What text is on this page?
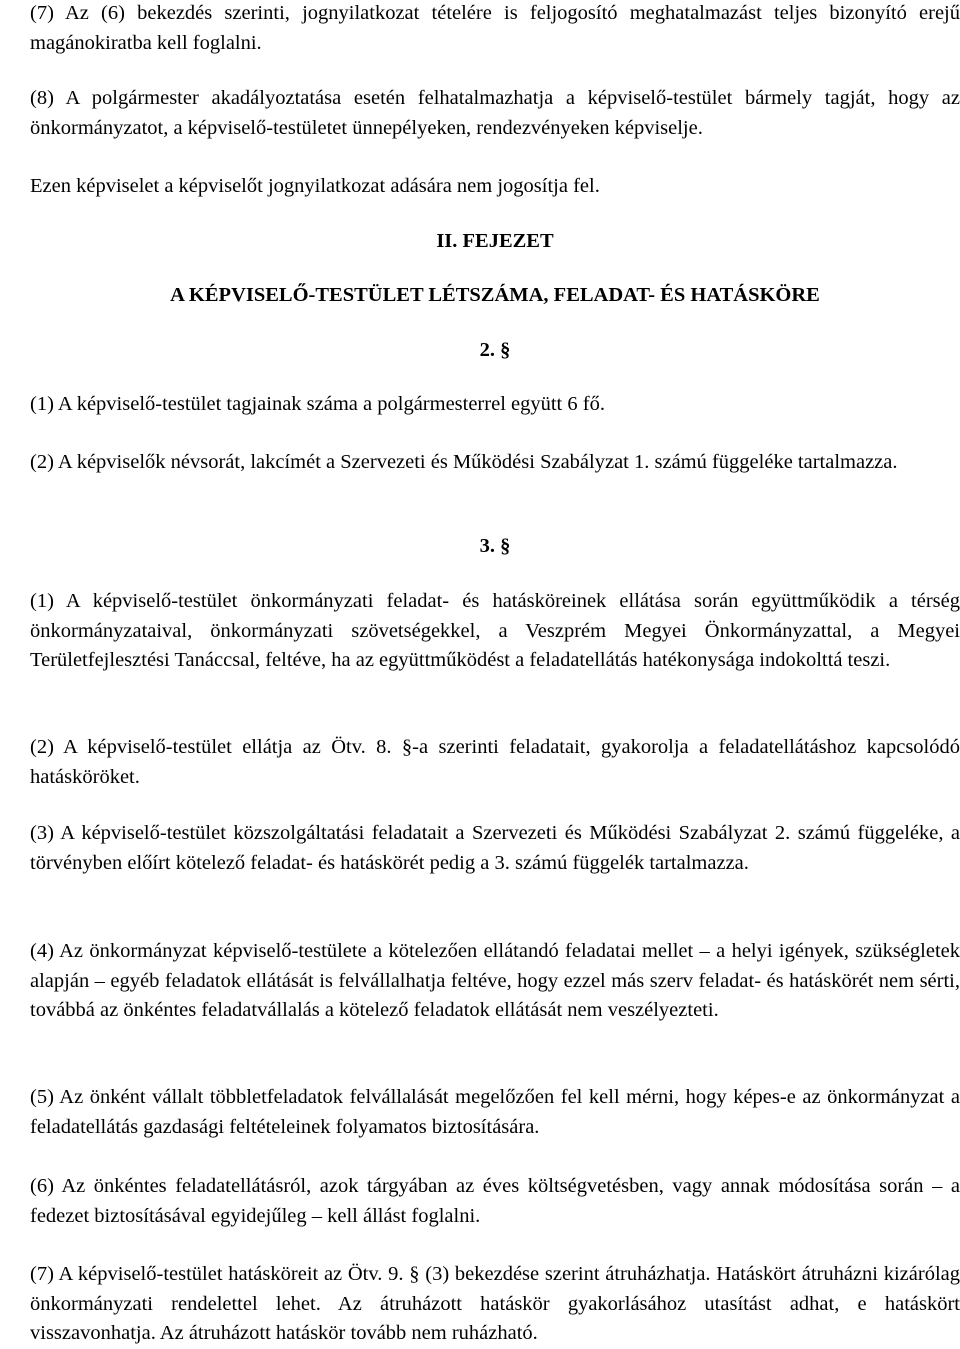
(7) Az (6) bekezdés szerinti, jognyilatkozat tételére is feljogosító meghatalmazást teljes bizonyító erejű magánokiratba kell foglalni.

(8) A polgármester akadályoztatása esetén felhatalmazhatja a képviselő-testület bármely tagját, hogy az önkormányzatot, a képviselő-testületet ünnepélyeken, rendezvényeken képviselje.

Ezen képviselet a képviselőt jognyilatkozat adására nem jogosítja fel.

II. FEJEZET

A KÉPVISELŐ-TESTÜLET LÉTSZÁMA, FELADAT- ÉS HATÁSKÖRE

2. §

(1) A képviselő-testület tagjainak száma a polgármesterrel együtt 6 fő.

(2) A képviselők névsorát, lakcímét a Szervezeti és Működési Szabályzat 1. számú függeléke tartalmazza.

3. §

(1) A képviselő-testület önkormányzati feladat- és hatásköreinek ellátása során együttműködik a térség önkormányzataival, önkormányzati szövetségekkel, a Veszprém Megyei Önkormányzattal, a Megyei Területfejlesztési Tanáccsal, feltéve, ha az együttműködést a feladatellátás hatékonysága indokolttá teszi.

(2) A képviselő-testület ellátja az Ötv. 8. §-a szerinti feladatait, gyakorolja a feladatellátáshoz kapcsolódó hatásköröket.

(3) A képviselő-testület közszolgáltatási feladatait a Szervezeti és Működési Szabályzat 2. számú függeléke, a törvényben előírt kötelező feladat- és hatáskörét pedig a 3. számú függelék tartalmazza.

(4) Az önkormányzat képviselő-testülete a kötelezően ellátandó feladatai mellet – a helyi igények, szükségletek alapján – egyéb feladatok ellátását is felvállalhatja feltéve, hogy ezzel más szerv feladat- és hatáskörét nem sérti, továbbá az önkéntes feladatvállalás a kötelező feladatok ellátását nem veszélyezteti.

(5) Az önként vállalt többletfeladatok felvállalását megelőzően fel kell mérni, hogy képes-e az önkormányzat a feladatellátás gazdasági feltételeinek folyamatos biztosítására.

(6) Az önkéntes feladatellátásról, azok tárgyában az éves költségvetésben, vagy annak módosítása során – a fedezet biztosításával egyidejűleg – kell állást foglalni.

(7) A képviselő-testület hatásköreit az Ötv. 9. § (3) bekezdése szerint átruházhatja. Hatáskört átruházni kizárólag önkormányzati rendelettel lehet. Az átruházott hatáskör gyakorlásához utasítást adhat, e hatáskört visszavonhatja. Az átruházott hatáskör tovább nem ruházható.
